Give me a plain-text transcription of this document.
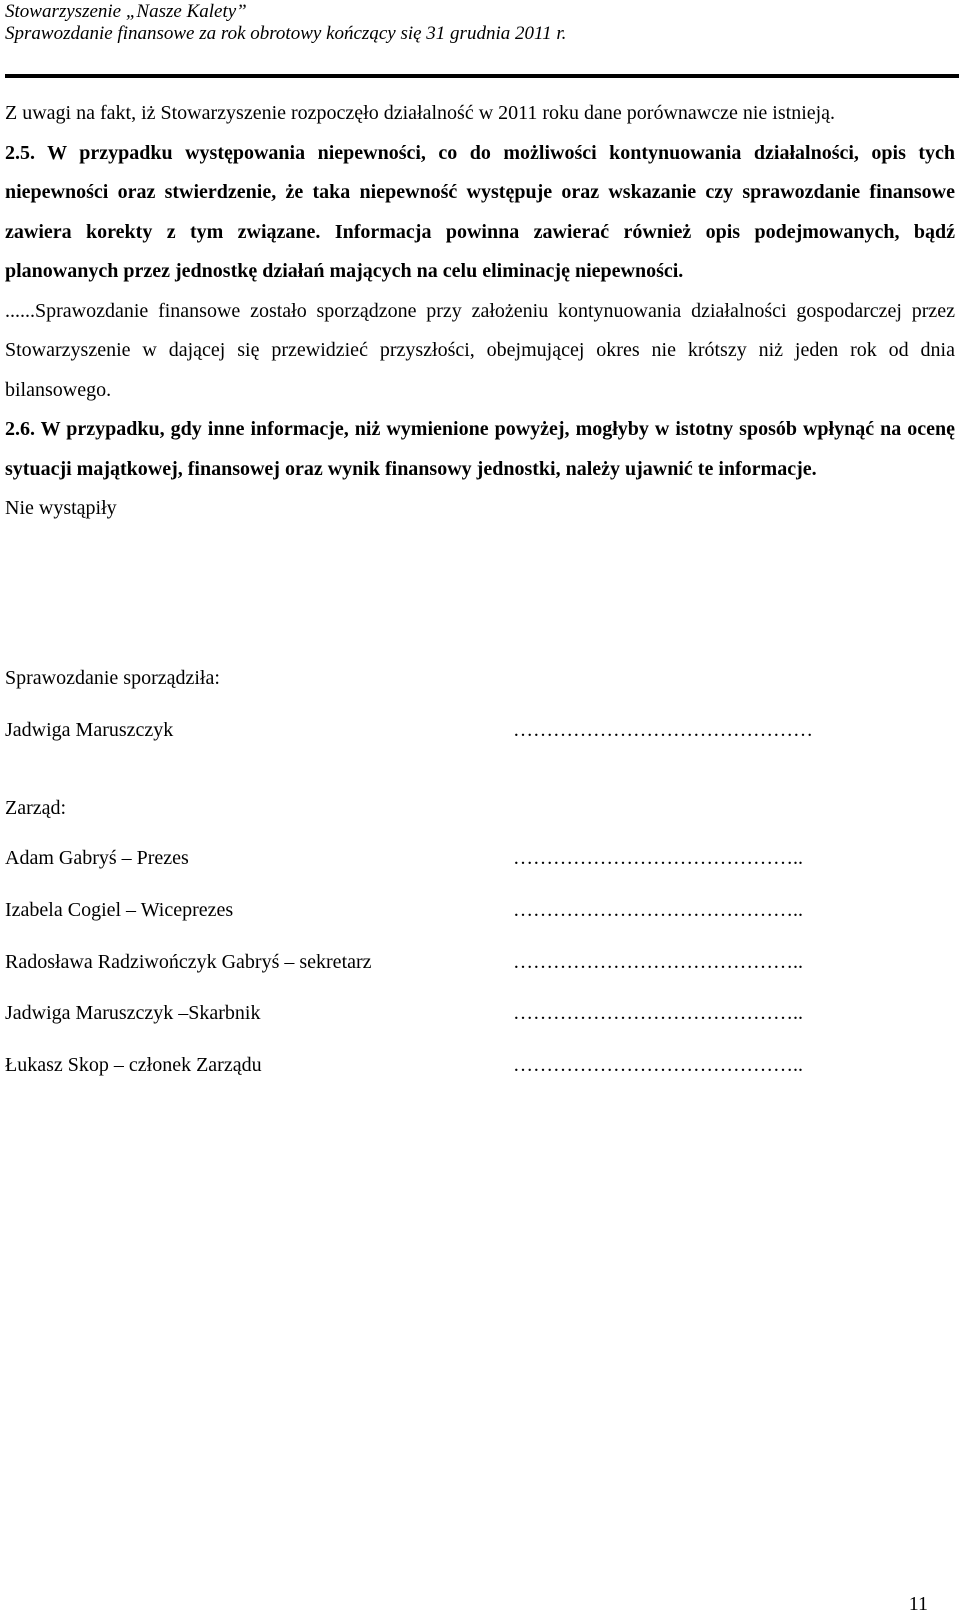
Stowarzyszenie „Nasze Kalety”
Sprawozdanie finansowe za rok obrotowy kończący się 31 grudnia 2011 r.

Z uwagi na fakt, iż Stowarzyszenie rozpoczęło działalność w 2011 roku dane porównawcze nie istnieją.

2.5. W przypadku występowania niepewności, co do możliwości kontynuowania działalności, opis tych niepewności oraz stwierdzenie, że taka niepewność występuje oraz wskazanie czy sprawozdanie finansowe zawiera korekty z tym związane. Informacja powinna zawierać również opis podejmowanych, bądź planowanych przez jednostkę działań mających na celu eliminację niepewności.

......Sprawozdanie finansowe zostało sporządzone przy założeniu kontynuowania działalności gospodarczej przez Stowarzyszenie w dającej się przewidzieć przyszłości, obejmującej okres nie krótszy niż jeden rok od dnia bilansowego.

2.6. W przypadku, gdy inne informacje, niż wymienione powyżej, mogłyby w istotny sposób wpłynąć na ocenę sytuacji majątkowej, finansowej oraz wynik finansowy jednostki, należy ujawnić te informacje.

Nie wystąpiły

Sprawozdanie sporządziła:
Jadwiga Maruszczyk	………………………………………
Zarząd:
Adam Gabryś – Prezes	……………………………………..
Izabela Cogiel – Wiceprezes	……………………………………..
Radosława Radziwończyk Gabryś – sekretarz	……………………………………..
Jadwiga Maruszczyk –Skarbnik	……………………………………..
Łukasz Skop – członek Zarządu	……………………………………..
11
